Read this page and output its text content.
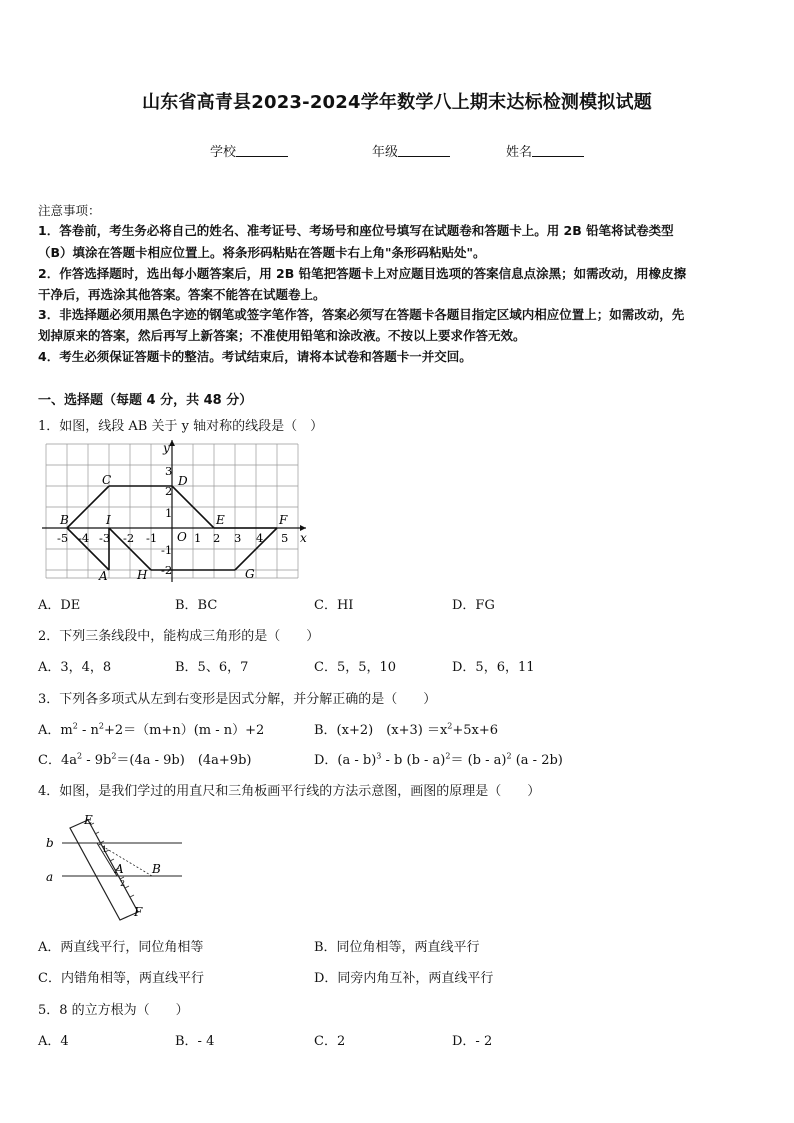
山东省高青县2023-2024学年数学八上期末达标检测模拟试题
学校	年级	姓名
注意事项：
1．答卷前，考生务必将自己的姓名、准考证号、考场号和座位号填写在试题卷和答题卡上。用 2B 铅笔将试卷类型
（B）填涂在答题卡相应位置上。将条形码粘贴在答题卡右上角"条形码粘贴处"。
2．作答选择题时，选出每小题答案后，用 2B 铅笔把答题卡上对应题目选项的答案信息点涂黑；如需改动，用橡皮擦
干净后，再选涂其他答案。答案不能答在试题卷上。
3．非选择题必须用黑色字迹的钢笔或签字笔作答，答案必须写在答题卡各题目指定区域内相应位置上；如需改动，先
划掉原来的答案，然后再写上新答案；不准使用铅笔和涂改液。不按以上要求作答无效。
4．考生必须保证答题卡的整洁。考试结束后，请将本试卷和答题卡一并交回。
一、选择题（每题 4 分，共 48 分）
1．如图，线段 AB 关于 y 轴对称的线段是（　）
B
C	D
E	F
G
H
I
A
O
y
x
-5 -4 -3 -2 -1	1 2 3 4 5
3
2
1
-1
-2
A．DE	B．BC	C．HI	D．FG
2．下列三条线段中，能构成三角形的是（　　）
A．3，4，8	B．5、6，7	C．5，5，10	D．5，6，11
3．下列各多项式从左到右变形是因式分解，并分解正确的是（　　）
A．$m^2 - n^2+2=(m+n)(m - n)+2$	B．(x+2)　$(x+3) =x^2+5x+6$
C．$4a^2 - 9b^2=(4a - 9b)$　(4a+9b)	D．(a - b)$^3$ - b (b - a)$^2$＝ (b - a)$^2$ (a - 2b)
4．如图，是我们学过的用直尺和三角板画平行线的方法示意图，画图的原理是（　　）
E
b
a
A B
F
1
2
A．两直线平行，同位角相等	B．同位角相等，两直线平行
C．内错角相等，两直线平行	D．同旁内角互补，两直线平行
5．8 的立方根为（　　）
A．4	B．- 4	C．2	D．- 2
